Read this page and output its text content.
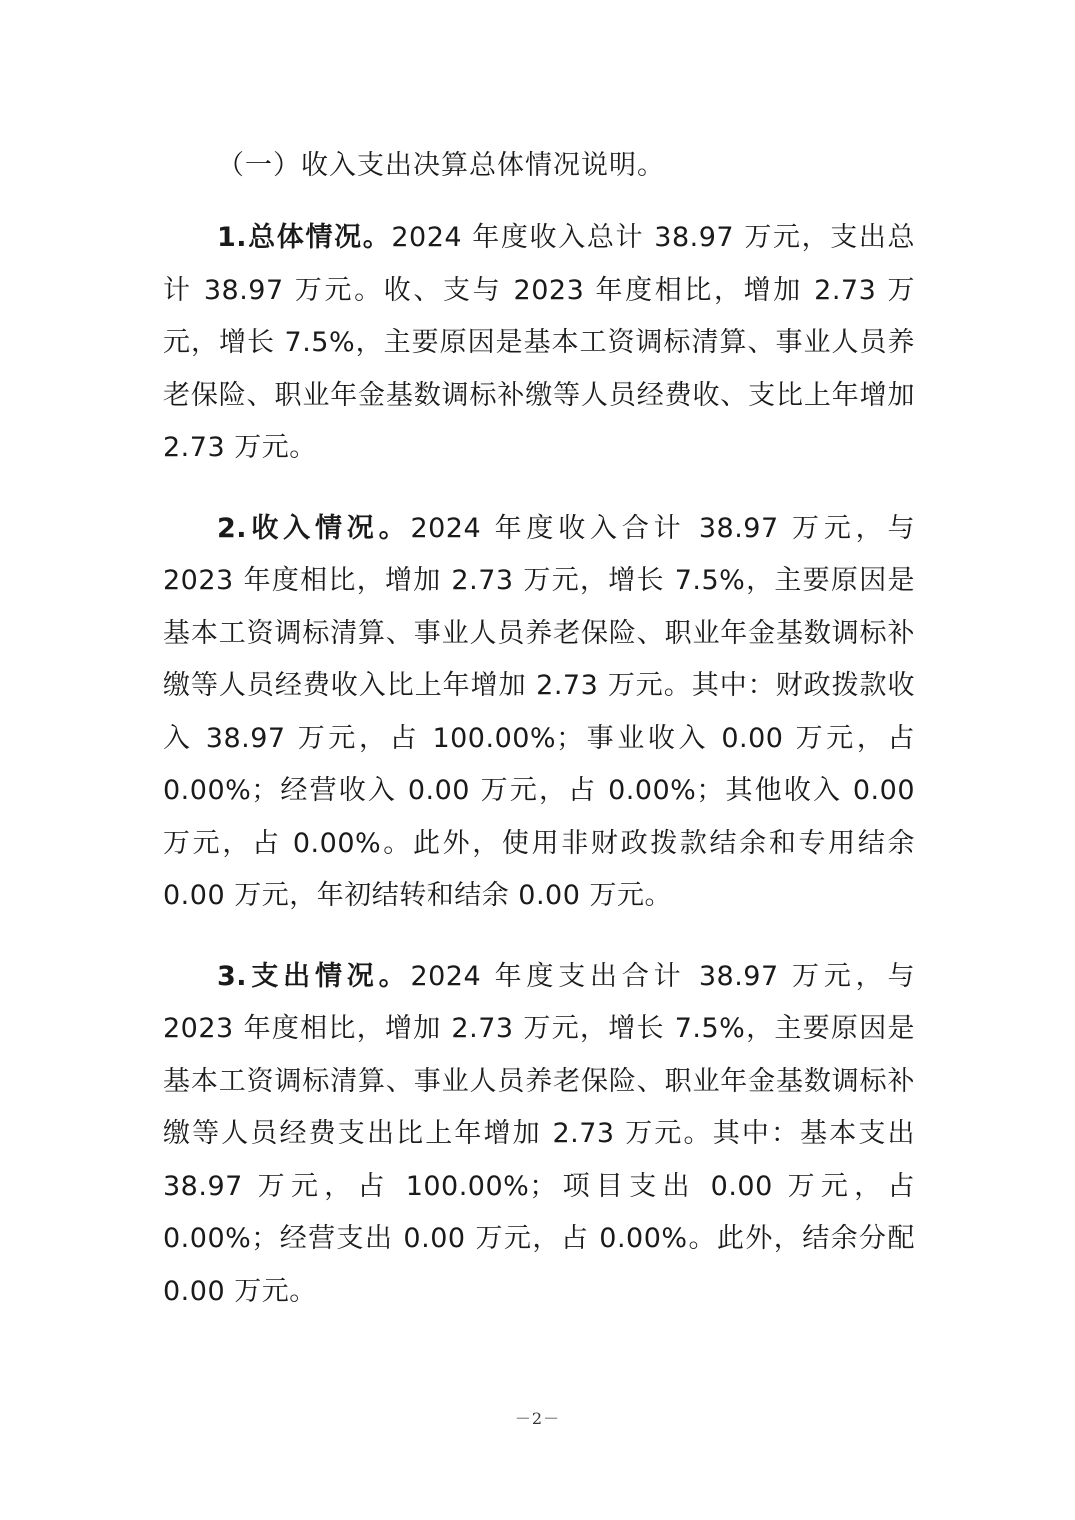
（一）收入支出决算总体情况说明。

1.总体情况。2024 年度收入总计 38.97 万元，支出总计 38.97 万元。收、支与 2023 年度相比，增加 2.73 万元，增长 7.5%，主要原因是基本工资调标清算、事业人员养老保险、职业年金基数调标补缴等人员经费收、支比上年增加 2.73 万元。

2.收入情况。2024 年度收入合计 38.97 万元，与 2023 年度相比，增加 2.73 万元，增长 7.5%，主要原因是基本工资调标清算、事业人员养老保险、职业年金基数调标补缴等人员经费收入比上年增加 2.73 万元。其中：财政拨款收入 38.97 万元，占 100.00%；事业收入 0.00 万元，占 0.00%；经营收入 0.00 万元，占 0.00%；其他收入 0.00 万元，占 0.00%。此外，使用非财政拨款结余和专用结余 0.00 万元，年初结转和结余 0.00 万元。

3.支出情况。2024 年度支出合计 38.97 万元，与 2023 年度相比，增加 2.73 万元，增长 7.5%，主要原因是基本工资调标清算、事业人员养老保险、职业年金基数调标补缴等人员经费支出比上年增加 2.73 万元。其中：基本支出 38.97 万元，占 100.00%；项目支出 0.00 万元，占 0.00%；经营支出 0.00 万元，占 0.00%。此外，结余分配 0.00 万元。

－2－
